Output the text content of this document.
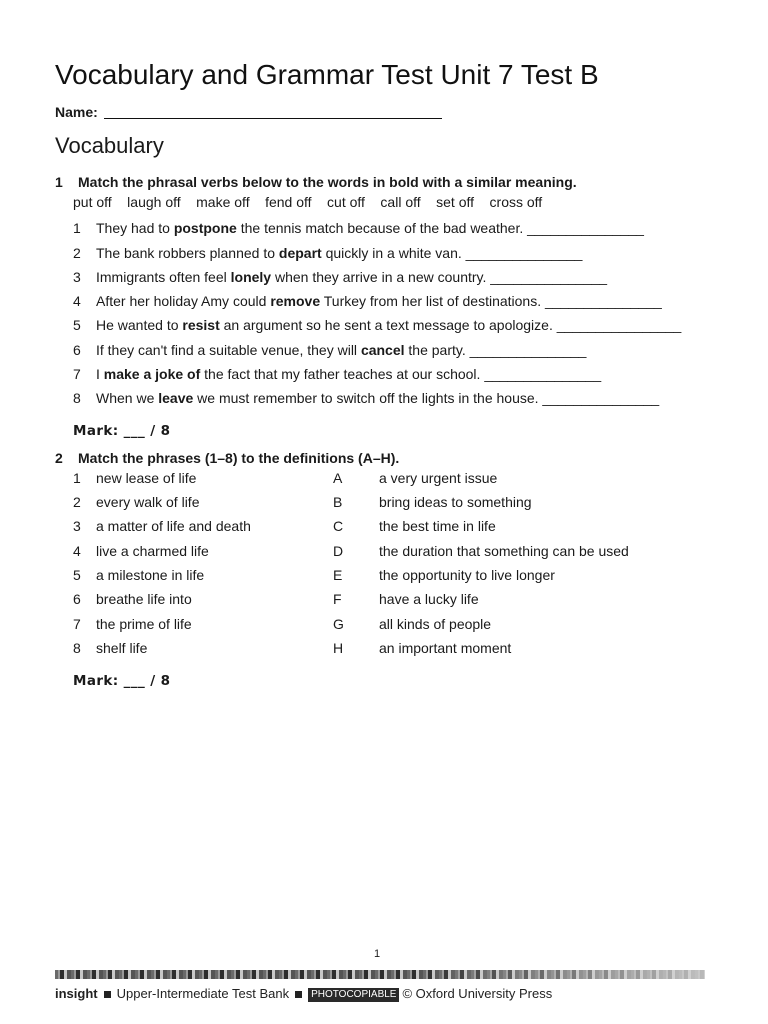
Vocabulary and Grammar Test Unit 7 Test B
Name:
Vocabulary
1 Match the phrasal verbs below to the words in bold with a similar meaning.
put off laugh off make off fend off cut off call off set off cross off
1 They had to postpone the tennis match because of the bad weather. _______________
2 The bank robbers planned to depart quickly in a white van. _______________
3 Immigrants often feel lonely when they arrive in a new country. _______________
4 After her holiday Amy could remove Turkey from her list of destinations. _______________
5 He wanted to resist an argument so he sent a text message to apologize. ________________
6 If they can't find a suitable venue, they will cancel the party. _______________
7 I make a joke of the fact that my father teaches at our school. _______________
8 When we leave we must remember to switch off the lights in the house. _______________
Mark: ___ / 8
2 Match the phrases (1–8) to the definitions (A–H).
1 new lease of life	A	a very urgent issue
2 every walk of life	B	bring ideas to something
3 a matter of life and death	C	the best time in life
4 live a charmed life	D	the duration that something can be used
5 a milestone in life	E	the opportunity to live longer
6 breathe life into	F	have a lucky life
7 the prime of life	G	all kinds of people
8 shelf life	H	an important moment
Mark: ___ / 8
1
insight Upper-Intermediate Test Bank PHOTOCOPIABLE © Oxford University Press
